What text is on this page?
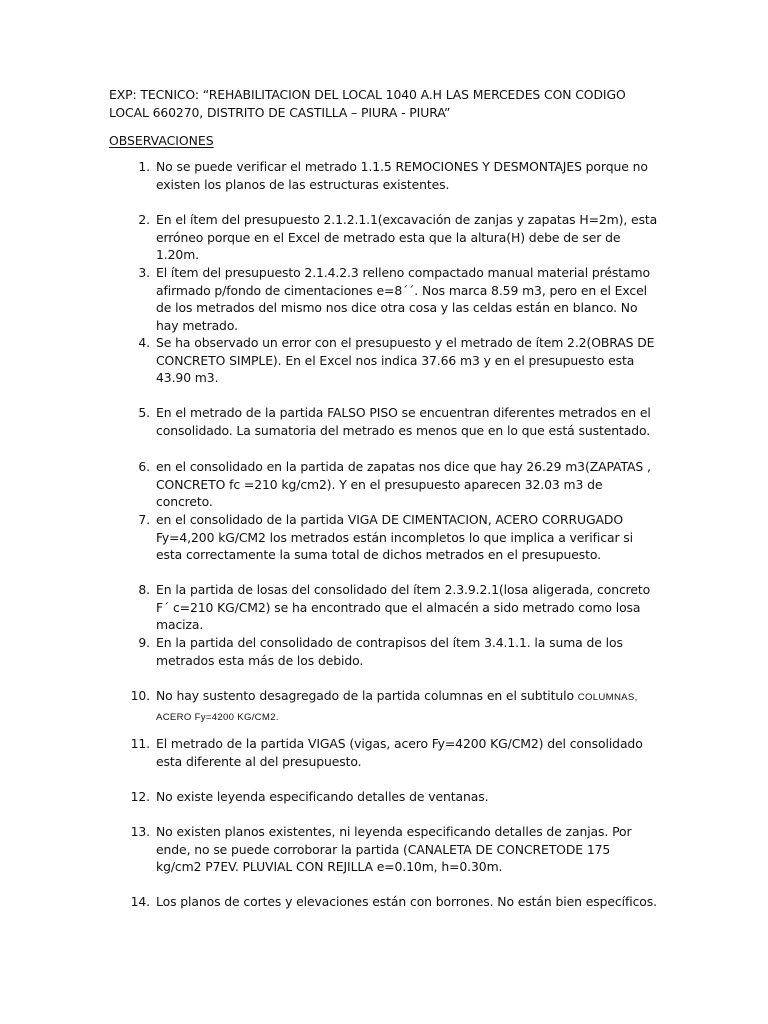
EXP: TECNICO: “REHABILITACION DEL LOCAL 1040 A.H LAS MERCEDES CON CODIGO LOCAL 660270, DISTRITO DE CASTILLA – PIURA - PIURA”
OBSERVACIONES
1. No se puede verificar el metrado 1.1.5 REMOCIONES Y DESMONTAJES porque no existen los planos de las estructuras existentes.
2. En el ítem del presupuesto 2.1.2.1.1(excavación de zanjas y zapatas H=2m), esta erróneo porque en el Excel de metrado esta que la altura(H) debe de ser de 1.20m.
3. El ítem del presupuesto 2.1.4.2.3 relleno compactado manual material préstamo afirmado p/fondo de cimentaciones e=8´´. Nos marca 8.59 m3, pero en el Excel de los metrados del mismo nos dice otra cosa y las celdas están en blanco. No hay metrado.
4. Se ha observado un error con el presupuesto y el metrado de ítem 2.2(OBRAS DE CONCRETO SIMPLE). En el Excel nos indica 37.66 m3 y en el presupuesto esta 43.90 m3.
5. En el metrado de la partida FALSO PISO se encuentran diferentes metrados en el consolidado. La sumatoria del metrado es menos que en lo que está sustentado.
6. en el consolidado en la partida de zapatas nos dice que hay 26.29 m3(ZAPATAS , CONCRETO fc =210 kg/cm2). Y en el presupuesto aparecen 32.03 m3 de concreto.
7. en el consolidado de la partida VIGA DE CIMENTACION, ACERO CORRUGADO Fy=4,200 kG/CM2 los metrados están incompletos lo que implica a verificar si esta correctamente la suma total de dichos metrados en el presupuesto.
8. En la partida de losas del consolidado del ítem 2.3.9.2.1(losa aligerada, concreto F´ c=210 KG/CM2) se ha encontrado que el almacén a sido metrado como losa maciza.
9. En la partida del consolidado de contrapisos del ítem 3.4.1.1. la suma de los metrados esta más de los debido.
10. No hay sustento desagregado de la partida columnas en el subtitulo COLUMNAS, ACERO Fy=4200 KG/CM2.
11. El metrado de la partida VIGAS (vigas, acero Fy=4200 KG/CM2) del consolidado esta diferente al del presupuesto.
12. No existe leyenda especificando detalles de ventanas.
13. No existen planos existentes, ni leyenda especificando detalles de zanjas. Por ende, no se puede corroborar la partida (CANALETA DE CONCRETODE 175 kg/cm2 P7EV. PLUVIAL CON REJILLA e=0.10m, h=0.30m.
14. Los planos de cortes y elevaciones están con borrones. No están bien específicos.
